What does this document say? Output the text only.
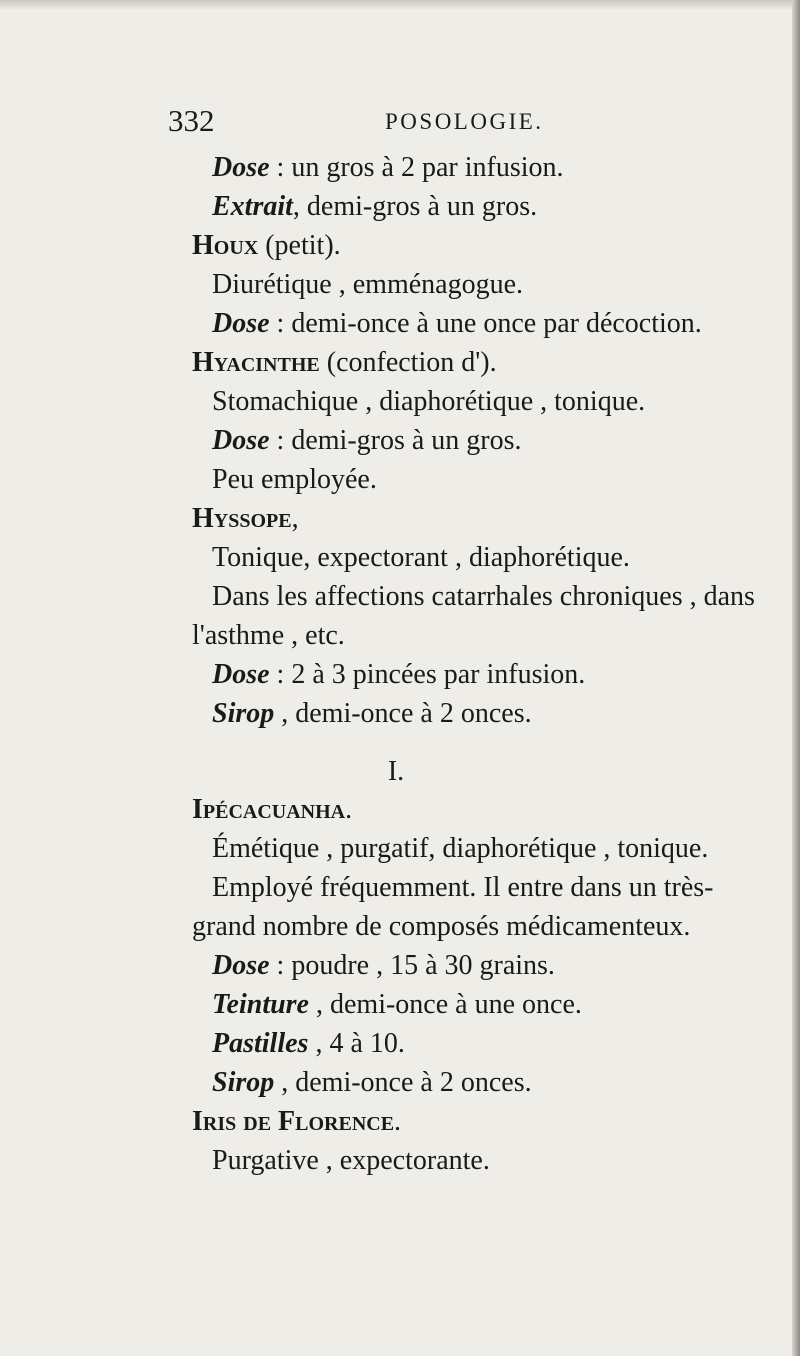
332	POSOLOGIE.
Dose : un gros à 2 par infusion.
Extrait, demi-gros à un gros.
Houx (petit).
Diurétique , emménagogue.
Dose : demi-once à une once par décoction.
Hyacinthe (confection d').
Stomachique , diaphorétique , tonique.
Dose : demi-gros à un gros.
Peu employée.
Hyssope,
Tonique, expectorant , diaphorétique.
Dans les affections catarrhales chroniques , dans
l'asthme , etc.
Dose : 2 à 3 pincées par infusion.
Sirop , demi-once à 2 onces.
I.
Ipécacuanha.
Émétique , purgatif, diaphorétique , tonique.
Employé fréquemment. Il entre dans un très-
grand nombre de composés médicamenteux.
Dose : poudre , 15 à 30 grains.
Teinture , demi-once à une once.
Pastilles , 4 à 10.
Sirop , demi-once à 2 onces.
Iris de Florence.
Purgative , expectorante.
